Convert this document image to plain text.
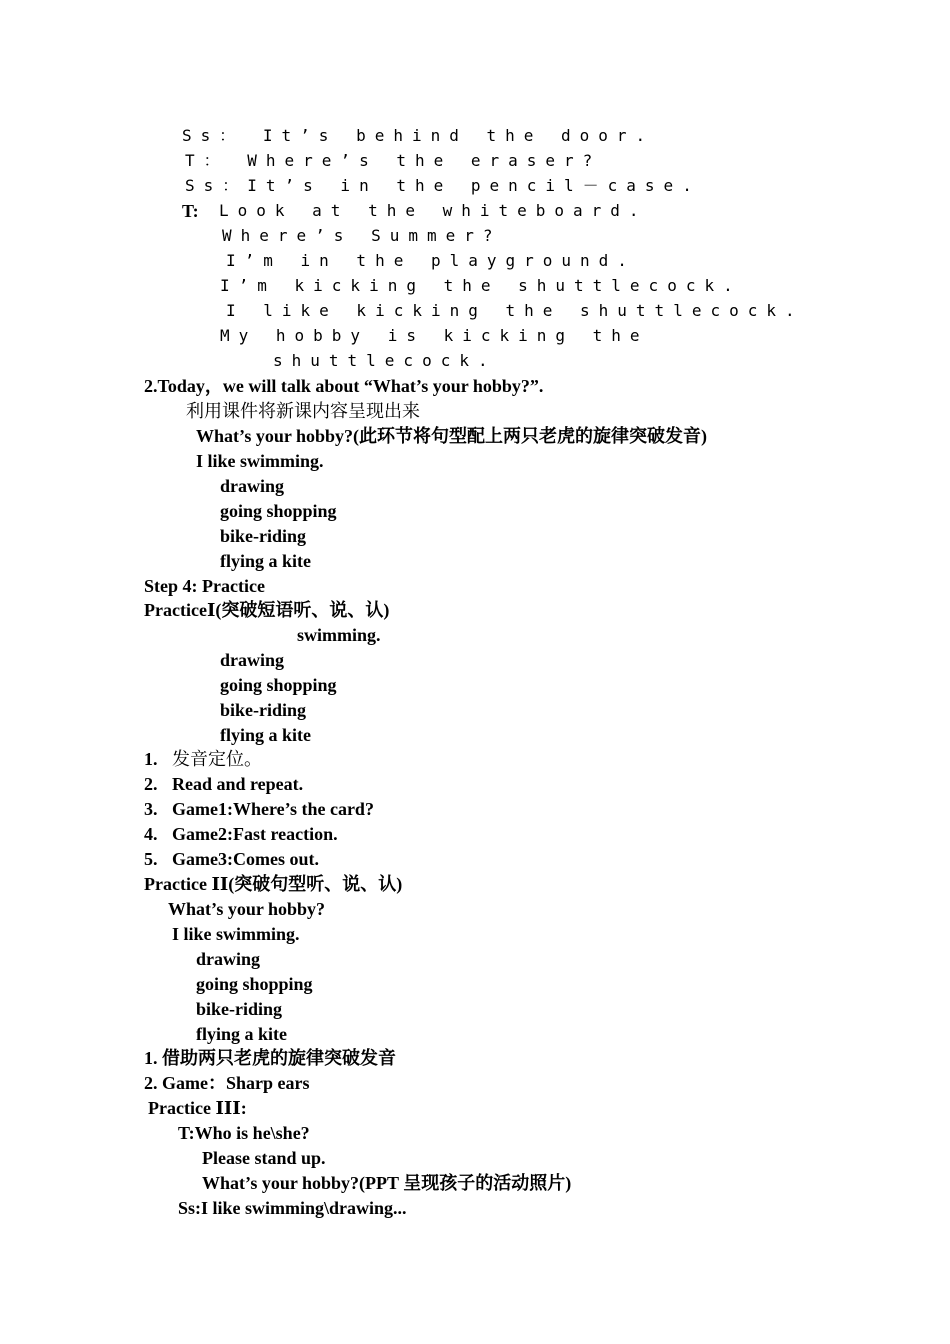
Ss： It’s behind the door.
T： Where’s the eraser?
Ss：It’s in the pencil－case.
T: Look at the whiteboard.
Where’s Summer?
I’m in the playground.
I’m kicking the shuttlecock.
I like kicking the shuttlecock.
My hobby is kicking the
shuttlecock.
2.Today，we will talk about “What’s your hobby?”.
利用课件将新课内容呈现出来
What’s your hobby?(此环节将句型配上两只老虎的旋律突破发音)
I like swimming.
drawing
going shopping
bike-riding
flying a kite
Step 4: Practice
PracticeⅠ(突破短语听、说、认)
swimming.
drawing
going shopping
bike-riding
flying a kite
1. 发音定位。
2. Read and repeat.
3. Game1:Where’s the card?
4. Game2:Fast reaction.
5. Game3:Comes out.
Practice ⅠⅠ(突破句型听、说、认)
What’s your hobby?
I like swimming.
drawing
going shopping
bike-riding
flying a kite
1. 借助两只老虎的旋律突破发音
2. Game：Sharp ears
Practice ⅠⅠⅠ:
T:Who is he\she?
Please stand up.
What’s your hobby?(PPT 呈现孩子的活动照片)
Ss:I like swimming\drawing...
